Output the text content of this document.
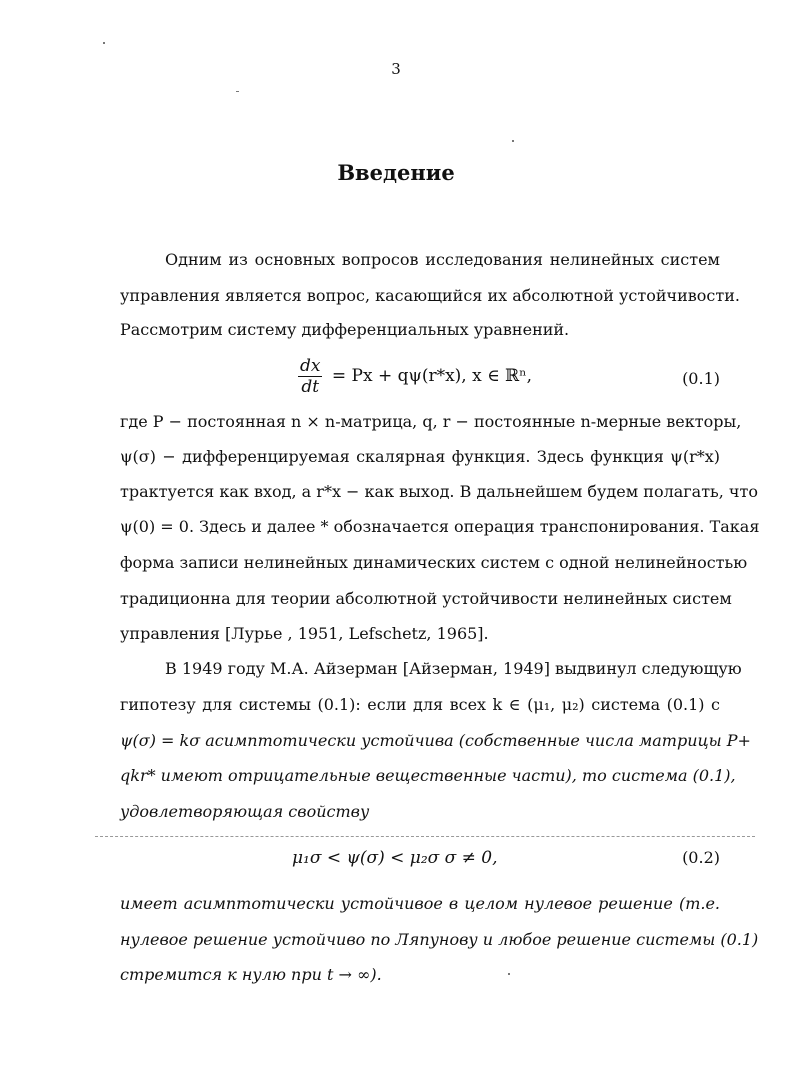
3
Введение
Одним из основных вопросов исследования нелинейных систем
управления является вопрос, касающийся их абсолютной устойчивости.
Рассмотрим систему дифференциальных уравнений.
$\frac{dx}{dt} = Px + q\psi(r*x)$, x ∈ ℝⁿ,	(0.1)
где P − постоянная n × n-матрица, q, r − постоянные n-мерные векторы,
ψ(σ) − дифференцируемая скалярная функция. Здесь функция ψ(r*x)
трактуется как вход, а r*x − как выход. В дальнейшем будем полагать, что
ψ(0) = 0. Здесь и далее * обозначается операция транспонирования. Такая
форма записи нелинейных динамических систем с одной нелинейностью
традиционна для теории абсолютной устойчивости нелинейных систем
управления [Лурье , 1951, Lefschetz, 1965].
В 1949 году М.А. Айзерман [Айзерман, 1949] выдвинул следующую
гипотезу для системы (0.1): если для всех k ∈ (μ₁, μ₂) система (0.1) с
ψ(σ) = kσ асимптотически устойчива (собственные числа матрицы P+
qkr* имеют отрицательные вещественные части), то система (0.1),
удовлетворяющая свойству
μ₁σ < ψ(σ) < μ₂σ σ ≠ 0,	(0.2)
имеет асимптотически устойчивое в целом нулевое решение (т.е.
нулевое решение устойчиво по Ляпунову и любое решение системы (0.1)
стремится к нулю при t → ∞).
